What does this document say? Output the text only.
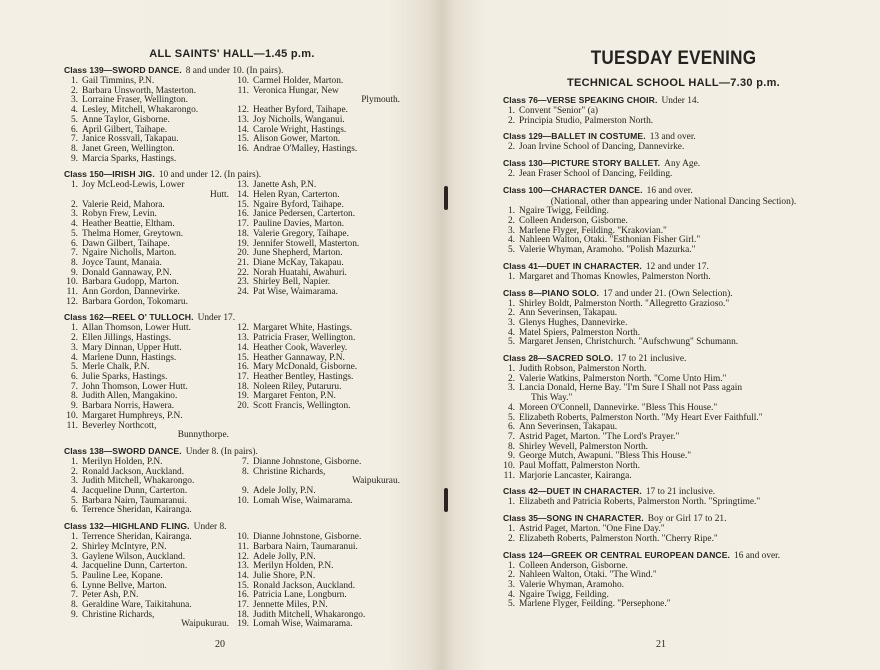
ALL SAINTS' HALL—1.45 p.m.
Class 139—SWORD DANCE. 8 and under 10. (In pairs).
1. Gail Timmins, P.N.
2. Barbara Unsworth, Masterton.
3. Lorraine Fraser, Wellington.
4. Lesley, Mitchell, Whakarongo.
5. Anne Taylor, Gisborne.
6. April Gilbert, Taihape.
7. Janice Rossvall, Takapau.
8. Janet Green, Wellington.
9. Marcia Sparks, Hastings.
10. Carmel Holder, Marton.
11. Veronica Hungar, New
Plymouth.
12. Heather Byford, Taihape.
13. Joy Nicholls, Wanganui.
14. Carole Wright, Hastings.
15. Alison Gower, Marton.
16. Andrae O'Malley, Hastings.
Class 150—IRISH JIG. 10 and under 12. (In pairs).
1. Joy McLeod-Lewis, Lower
Hutt.
2. Valerie Reid, Mahora.
3. Robyn Frew, Levin.
4. Heather Beattie, Eltham.
5. Thelma Homer, Greytown.
6. Dawn Gilbert, Taihape.
7. Ngaire Nicholls, Marton.
8. Joyce Taunt, Manaia.
9. Donald Gannaway, P.N.
10. Barbara Gudopp, Marton.
11. Ann Gordon, Dannevirke.
12. Barbara Gordon, Tokomaru.
13. Janette Ash, P.N.
14. Helen Ryan, Carterton.
15. Ngaire Byford, Taihape.
16. Janice Pedersen, Carterton.
17. Pauline Davies, Marton.
18. Valerie Gregory, Taihape.
19. Jennifer Stowell, Masterton.
20. June Shepherd, Marton.
21. Diane McKay, Takapau.
22. Norah Huatahi, Awahuri.
23. Shirley Bell, Napier.
24. Pat Wise, Waimarama.
Class 162—REEL O' TULLOCH. Under 17.
1. Allan Thomson, Lower Hutt.
2. Ellen Jillings, Hastings.
3. Mary Dinnan, Upper Hutt.
4. Marlene Dunn, Hastings.
5. Merle Chalk, P.N.
6. Julie Sparks, Hastings.
7. John Thomson, Lower Hutt.
8. Judith Allen, Mangakino.
9. Barbara Norris, Hawera.
10. Margaret Humphreys, P.N.
11. Beverley Northcott,
Bunnythorpe.
12. Margaret White, Hastings.
13. Patricia Fraser, Wellington.
14. Heather Cook, Waverley.
15. Heather Gannaway, P.N.
16. Mary McDonald, Gisborne.
17. Heather Bentley, Hastings.
18. Noleen Riley, Putaruru.
19. Margaret Fenton, P.N.
20. Scott Francis, Wellington.
Class 138—SWORD DANCE. Under 8. (In pairs).
1. Merilyn Holden, P.N.
2. Ronald Jackson, Auckland.
3. Judith Mitchell, Whakarongo.
4. Jacqueline Dunn, Carterton.
5. Barbara Nairn, Taumaranui.
6. Terrence Sheridan, Kairanga.
7. Dianne Johnstone, Gisborne.
8. Christine Richards,
Waipukurau.
9. Adele Jolly, P.N.
10. Lomah Wise, Waimarama.
Class 132—HIGHLAND FLING. Under 8.
1. Terrence Sheridan, Kairanga.
2. Shirley McIntyre, P.N.
3. Gaylene Wilson, Auckland.
4. Jacqueline Dunn, Carterton.
5. Pauline Lee, Kopane.
6. Lynne Bellve, Marton.
7. Peter Ash, P.N.
8. Geraldine Ware, Taikitahuna.
9. Christine Richards,
Waipukurau.
10. Dianne Johnstone, Gisborne.
11. Barbara Nairn, Taumaranui.
12. Adele Jolly, P.N.
13. Merilyn Holden, P.N.
14. Julie Shore, P.N.
15. Ronald Jackson, Auckland.
16. Patricia Lane, Longburn.
17. Jennette Miles, P.N.
18. Judith Mitchell, Whakarongo.
19. Lomah Wise, Waimarama.
20
TUESDAY EVENING
TECHNICAL SCHOOL HALL—7.30 p.m.
Class 76—VERSE SPEAKING CHOIR. Under 14.
1. Convent "Senior" (a)
2. Principia Studio, Palmerston North.
Class 129—BALLET IN COSTUME. 13 and over.
2. Joan Irvine School of Dancing, Dannevirke.
Class 130—PICTURE STORY BALLET. Any Age.
2. Jean Fraser School of Dancing, Feilding.
Class 100—CHARACTER DANCE. 16 and over.
(National, other than appearing under National Dancing Section).
1. Ngaire Twigg, Feilding.
2. Colleen Anderson, Gisborne.
3. Marlene Flyger, Feilding. "Krakovian."
4. Nahleen Walton, Otaki. "Esthonian Fisher Girl."
5. Valerie Whyman, Aramoho. "Polish Mazurka."
Class 41—DUET IN CHARACTER. 12 and under 17.
1. Margaret and Thomas Knowles, Palmerston North.
Class 8—PIANO SOLO. 17 and under 21. (Own Selection).
1. Shirley Boldt, Palmerston North. "Allegretto Grazioso."
2. Ann Severinsen, Takapau.
3. Glenys Hughes, Dannevirke.
4. Matel Spiers, Palmerston North.
5. Margaret Jensen, Christchurch. "Aufschwung" Schumann.
Class 28—SACRED SOLO. 17 to 21 inclusive.
1. Judith Robson, Palmerston North.
2. Valerie Watkins, Palmerston North. "Come Unto Him."
3. Lancia Donald, Herne Bay. "I'm Sure I Shall not Pass again
This Way."
4. Moreen O'Connell, Dannevirke. "Bless This House."
5. Elizabeth Roberts, Palmerston North. "My Heart Ever Faithfull."
6. Ann Severinsen, Takapau.
7. Astrid Paget, Marton. "The Lord's Prayer."
8. Shirley Wevell, Palmerston North.
9. George Mutch, Awapuni. "Bless This House."
10. Paul Moffatt, Palmerston North.
11. Marjorie Lancaster, Kairanga.
Class 42—DUET IN CHARACTER. 17 to 21 inclusive.
1. Elizabeth and Patricia Roberts, Palmerston North. "Springtime."
Class 35—SONG IN CHARACTER. Boy or Girl 17 to 21.
1. Astrid Paget, Marton. "One Fine Day."
2. Elizabeth Roberts, Palmerston North. "Cherry Ripe."
Class 124—GREEK OR CENTRAL EUROPEAN DANCE. 16 and over.
1. Colleen Anderson, Gisborne.
2. Nahleen Walton, Otaki. "The Wind."
3. Valerie Whyman, Aramoho.
4. Ngaire Twigg, Feilding.
5. Marlene Flyger, Feilding. "Persephone."
21
